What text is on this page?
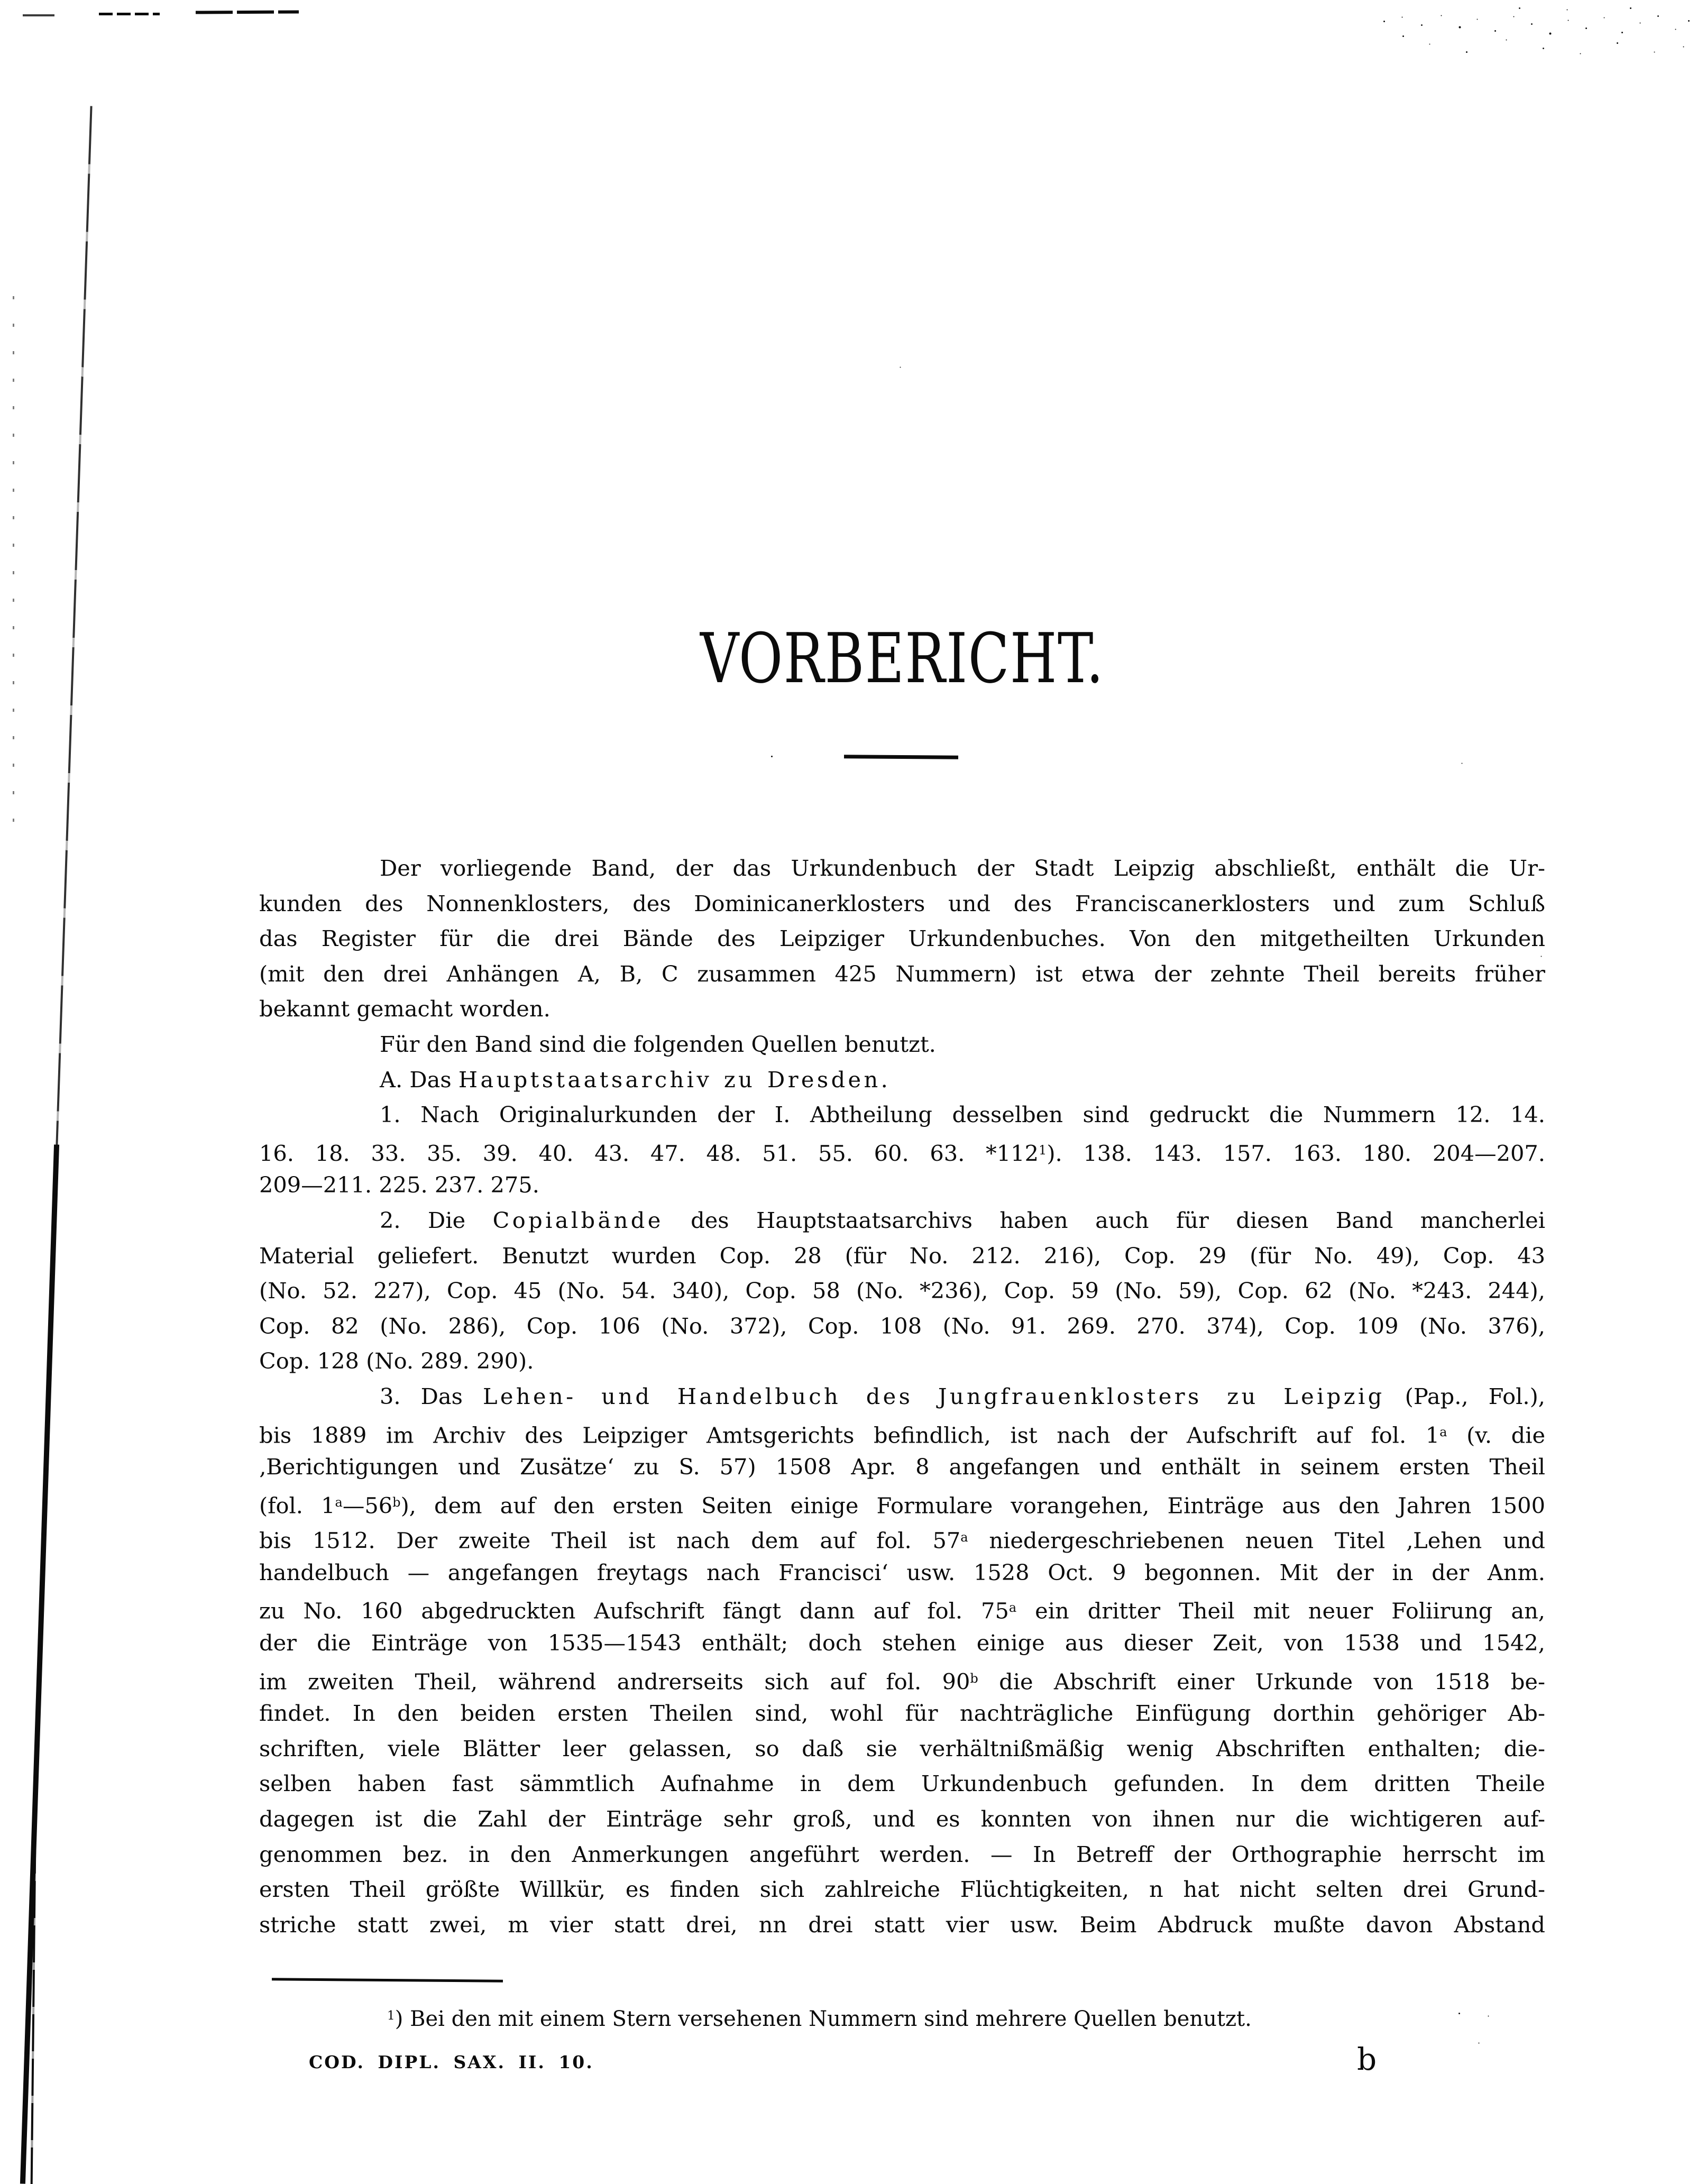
VORBERICHT.
Der vorliegende Band, der das Urkundenbuch der Stadt Leipzig abschließt, enthält die Ur-
kunden des Nonnenklosters, des Dominicanerklosters und des Franciscanerklosters und zum Schluß
das Register für die drei Bände des Leipziger Urkundenbuches. Von den mitgetheilten Urkunden
(mit den drei Anhängen A, B, C zusammen 425 Nummern) ist etwa der zehnte Theil bereits früher
bekannt gemacht worden.
Für den Band sind die folgenden Quellen benutzt.
A. Das Hauptstaatsarchiv zu Dresden.
1. Nach Originalurkunden der I. Abtheilung desselben sind gedruckt die Nummern 12. 14.
16. 18. 33. 35. 39. 40. 43. 47. 48. 51. 55. 60. 63. $*112^1$). 138. 143. 157. 163. 180. 204—207.
209—211. 225. 237. 275.
2. Die Copialbände des Hauptstaatsarchivs haben auch für diesen Band mancherlei
Material geliefert. Benutzt wurden Cop. 28 (für No. 212. 216), Cop. 29 (für No. 49), Cop. 43
(No. 52. 227), Cop. 45 (No. 54. 340), Cop. 58 (No. *236), Cop. 59 (No. 59), Cop. 62 (No. *243. 244),
Cop. 82 (No. 286), Cop. 106 (No. 372), Cop. 108 (No. 91. 269. 270. 374), Cop. 109 (No. 376),
Cop. 128 (No. 289. 290).
3. Das Lehen- und Handelbuch des Jungfrauenklosters zu Leipzig (Pap., Fol.),
bis 1889 im Archiv des Leipziger Amtsgerichts befindlich, ist nach der Aufschrift auf fol. 1$^a$ (v. die
‚Berichtigungen und Zusätze‘ zu S. 57) 1508 Apr. 8 angefangen und enthält in seinem ersten Theil
(fol. 1$^a$—56$^b$), dem auf den ersten Seiten einige Formulare vorangehen, Einträge aus den Jahren 1500
bis 1512. Der zweite Theil ist nach dem auf fol. 57$^a$ niedergeschriebenen neuen Titel ‚Lehen und
handelbuch — angefangen freytags nach Francisci‘ usw. 1528 Oct. 9 begonnen. Mit der in der Anm.
zu No. 160 abgedruckten Aufschrift fängt dann auf fol. 75$^a$ ein dritter Theil mit neuer Foliirung an,
der die Einträge von 1535—1543 enthält; doch stehen einige aus dieser Zeit, von 1538 und 1542,
im zweiten Theil, während andrerseits sich auf fol. 90$^b$ die Abschrift einer Urkunde von 1518 be-
findet. In den beiden ersten Theilen sind, wohl für nachträgliche Einfügung dorthin gehöriger Ab-
schriften, viele Blätter leer gelassen, so daß sie verhältnißmäßig wenig Abschriften enthalten; die-
selben haben fast sämmtlich Aufnahme in dem Urkundenbuch gefunden. In dem dritten Theile
dagegen ist die Zahl der Einträge sehr groß, und es konnten von ihnen nur die wichtigeren auf-
genommen bez. in den Anmerkungen angeführt werden. — In Betreff der Orthographie herrscht im
ersten Theil größte Willkür, es finden sich zahlreiche Flüchtigkeiten, n hat nicht selten drei Grund-
striche statt zwei, m vier statt drei, nn drei statt vier usw. Beim Abdruck mußte davon Abstand
$^1$) Bei den mit einem Stern versehenen Nummern sind mehrere Quellen benutzt.
COD. DIPL. SAX. II. 10.	b
